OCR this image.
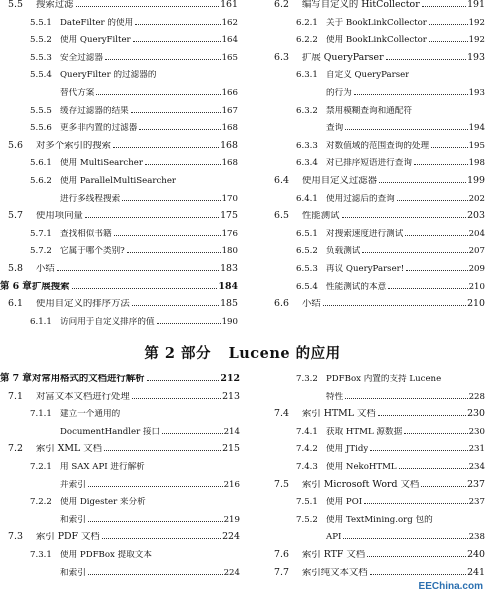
5.5	搜索过滤	161
5.5.1 DateFilter 的使用	162
5.5.2 使用 QueryFilter	164
5.5.3 安全过滤器	165
5.5.4 QueryFilter 的过滤器的
替代方案	166
5.5.5 缓存过滤器的结果	167
5.5.6 更多非内置的过滤器	168
5.6	对多个索引的搜索	168
5.6.1 使用 MultiSearcher	168
5.6.2 使用 ParallelMultiSearcher
进行多线程搜索	170
5.7	使用项向量	175
5.7.1 查找相似书籍	176
5.7.2 它属于哪个类别?	180
5.8	小结	183
第 6 章 扩展搜索	184
6.1	使用自定义的排序方法	185
6.1.1 访问用于自定义排序的值	190
6.2	编写自定义的 HitCollector	191
6.2.1 关于 BookLinkCollector	192
6.2.2 使用 BookLinkCollector	192
6.3	扩展 QueryParser	193
6.3.1 自定义 QueryParser
的行为	193
6.3.2 禁用模糊查询和通配符
查询	194
6.3.3 对数值域的范围查询的处理	195
6.3.4 对已排序短语进行查询	198
6.4	使用自定义过滤器	199
6.4.1 使用过滤后的查询	202
6.5	性能测试	203
6.5.1 对搜索速度进行测试	204
6.5.2 负载测试	207
6.5.3 再议 QueryParser!	209
6.5.4 性能测试的本意	210
6.6	小结	210
第 2 部分 Lucene 的应用
第 7 章 对常用格式的文档进行解析	212
7.1	对富文本文档进行处理	213
7.1.1 建立一个通用的
DocumentHandler 接口	214
7.2	索引 XML 文档	215
7.2.1 用 SAX API 进行解析
并索引	216
7.2.2 使用 Digester 来分析
和索引	219
7.3	索引 PDF 文档	224
7.3.1 使用 PDFBox 提取文本
和索引	224
7.3.2 PDFBox 内置的支持 Lucene
特性	228
7.4	索引 HTML 文档	230
7.4.1 获取 HTML 源数据	230
7.4.2 使用 JTidy	231
7.4.3 使用 NekoHTML	234
7.5	索引 Microsoft Word 文档	237
7.5.1 使用 POI	237
7.5.2 使用 TextMining.org 包的
API	238
7.6	索引 RTF 文档	240
7.7	索引纯文本文档	241
EEChina.com
